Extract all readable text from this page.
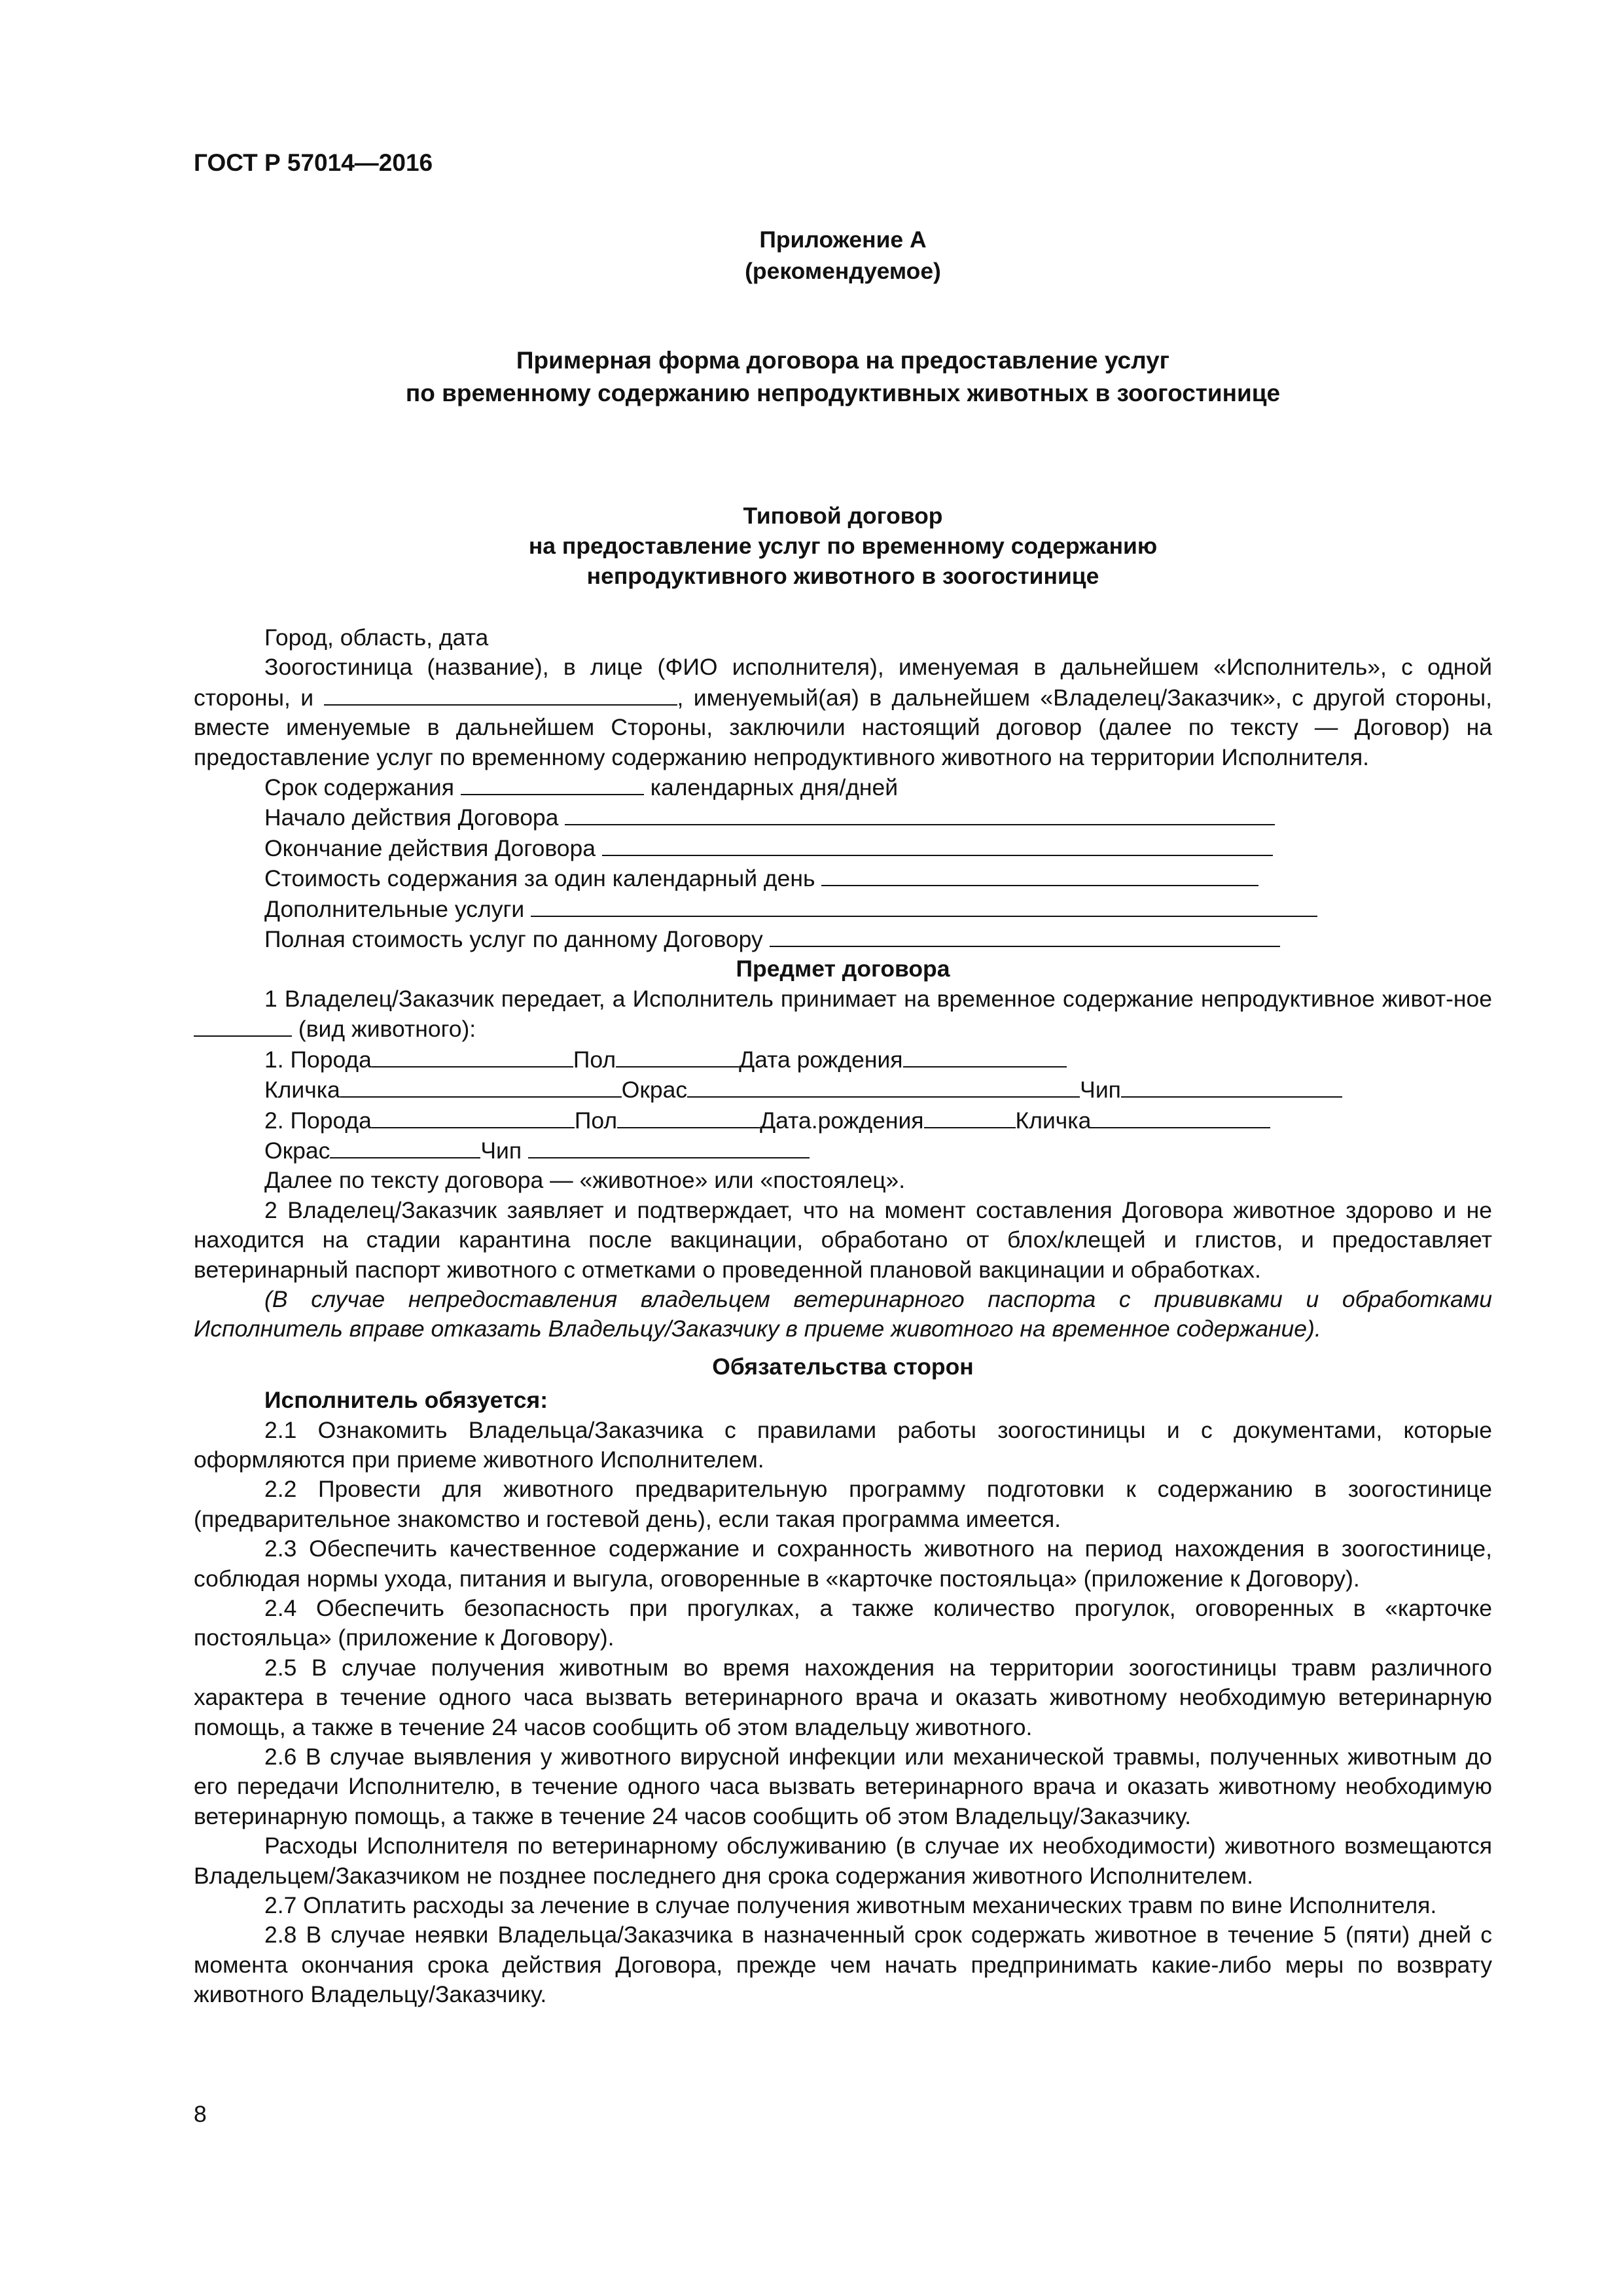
ГОСТ Р 57014—2016
Приложение А
(рекомендуемое)
Примерная форма договора на предоставление услуг
по временному содержанию непродуктивных животных в зоогостинице
Типовой договор
на предоставление услуг по временному содержанию
непродуктивного животного в зоогостинице

Город, область, дата

Зоогостиница (название), в лице (ФИО исполнителя), именуемая в дальнейшем «Исполнитель», с одной стороны, и	, именуемый(ая) в дальнейшем «Владелец/Заказчик», с другой стороны, вместе именуемые в дальнейшем Стороны, заключили настоящий договор (далее по тексту — Договор) на предоставление услуг по временному содержанию непродуктивного животного на территории Исполнителя.

Срок содержания	календарных дня/дней

Начало действия Договора

Окончание действия Договора

Стоимость содержания за один календарный день

Дополнительные услуги

Полная стоимость услуг по данному Договору

Предмет договора

1 Владелец/Заказчик передает, а Исполнитель принимает на временное содержание непродуктивное живот-ное  (вид животного):

1. Порода	Пол	Дата рождения

Кличка	Окрас	Чип

2. Порода	Пол	Дата.рождения	Кличка

Окрас	Чип

Далее по тексту договора — «животное» или «постоялец».

2 Владелец/Заказчик заявляет и подтверждает, что на момент составления Договора животное здорово и не находится на стадии карантина после вакцинации, обработано от блох/клещей и глистов, и предоставляет ветеринарный паспорт животного с отметками о проведенной плановой вакцинации и обработках.

(В случае непредоставления владельцем ветеринарного паспорта с прививками и обработками Исполнитель вправе отказать Владельцу/Заказчику в приеме животного на временное содержание).

Обязательства сторон

Исполнитель обязуется:

2.1 Ознакомить Владельца/Заказчика с правилами работы зоогостиницы и с документами, которые оформляются при приеме животного Исполнителем.

2.2 Провести для животного предварительную программу подготовки к содержанию в зоогостинице (предварительное знакомство и гостевой день), если такая программа имеется.

2.3 Обеспечить качественное содержание и сохранность животного на период нахождения в зоогостинице, соблюдая нормы ухода, питания и выгула, оговоренные в «карточке постояльца» (приложение к Договору).

2.4 Обеспечить безопасность при прогулках, а также количество прогулок, оговоренных в «карточке постояльца» (приложение к Договору).

2.5 В случае получения животным во время нахождения на территории зоогостиницы травм различного характера в течение одного часа вызвать ветеринарного врача и оказать животному необходимую ветеринарную помощь, а также в течение 24 часов сообщить об этом владельцу животного.

2.6 В случае выявления у животного вирусной инфекции или механической травмы, полученных животным до его передачи Исполнителю, в течение одного часа вызвать ветеринарного врача и оказать животному необходимую ветеринарную помощь, а также в течение 24 часов сообщить об этом Владельцу/Заказчику.

Расходы Исполнителя по ветеринарному обслуживанию (в случае их необходимости) животного возмещаются Владельцем/Заказчиком не позднее последнего дня срока содержания животного Исполнителем.

2.7 Оплатить расходы за лечение в случае получения животным механических травм по вине Исполнителя.

2.8 В случае неявки Владельца/Заказчика в назначенный срок содержать животное в течение 5 (пяти) дней с момента окончания срока действия Договора, прежде чем начать предпринимать какие-либо меры по возврату животного Владельцу/Заказчику.

8
